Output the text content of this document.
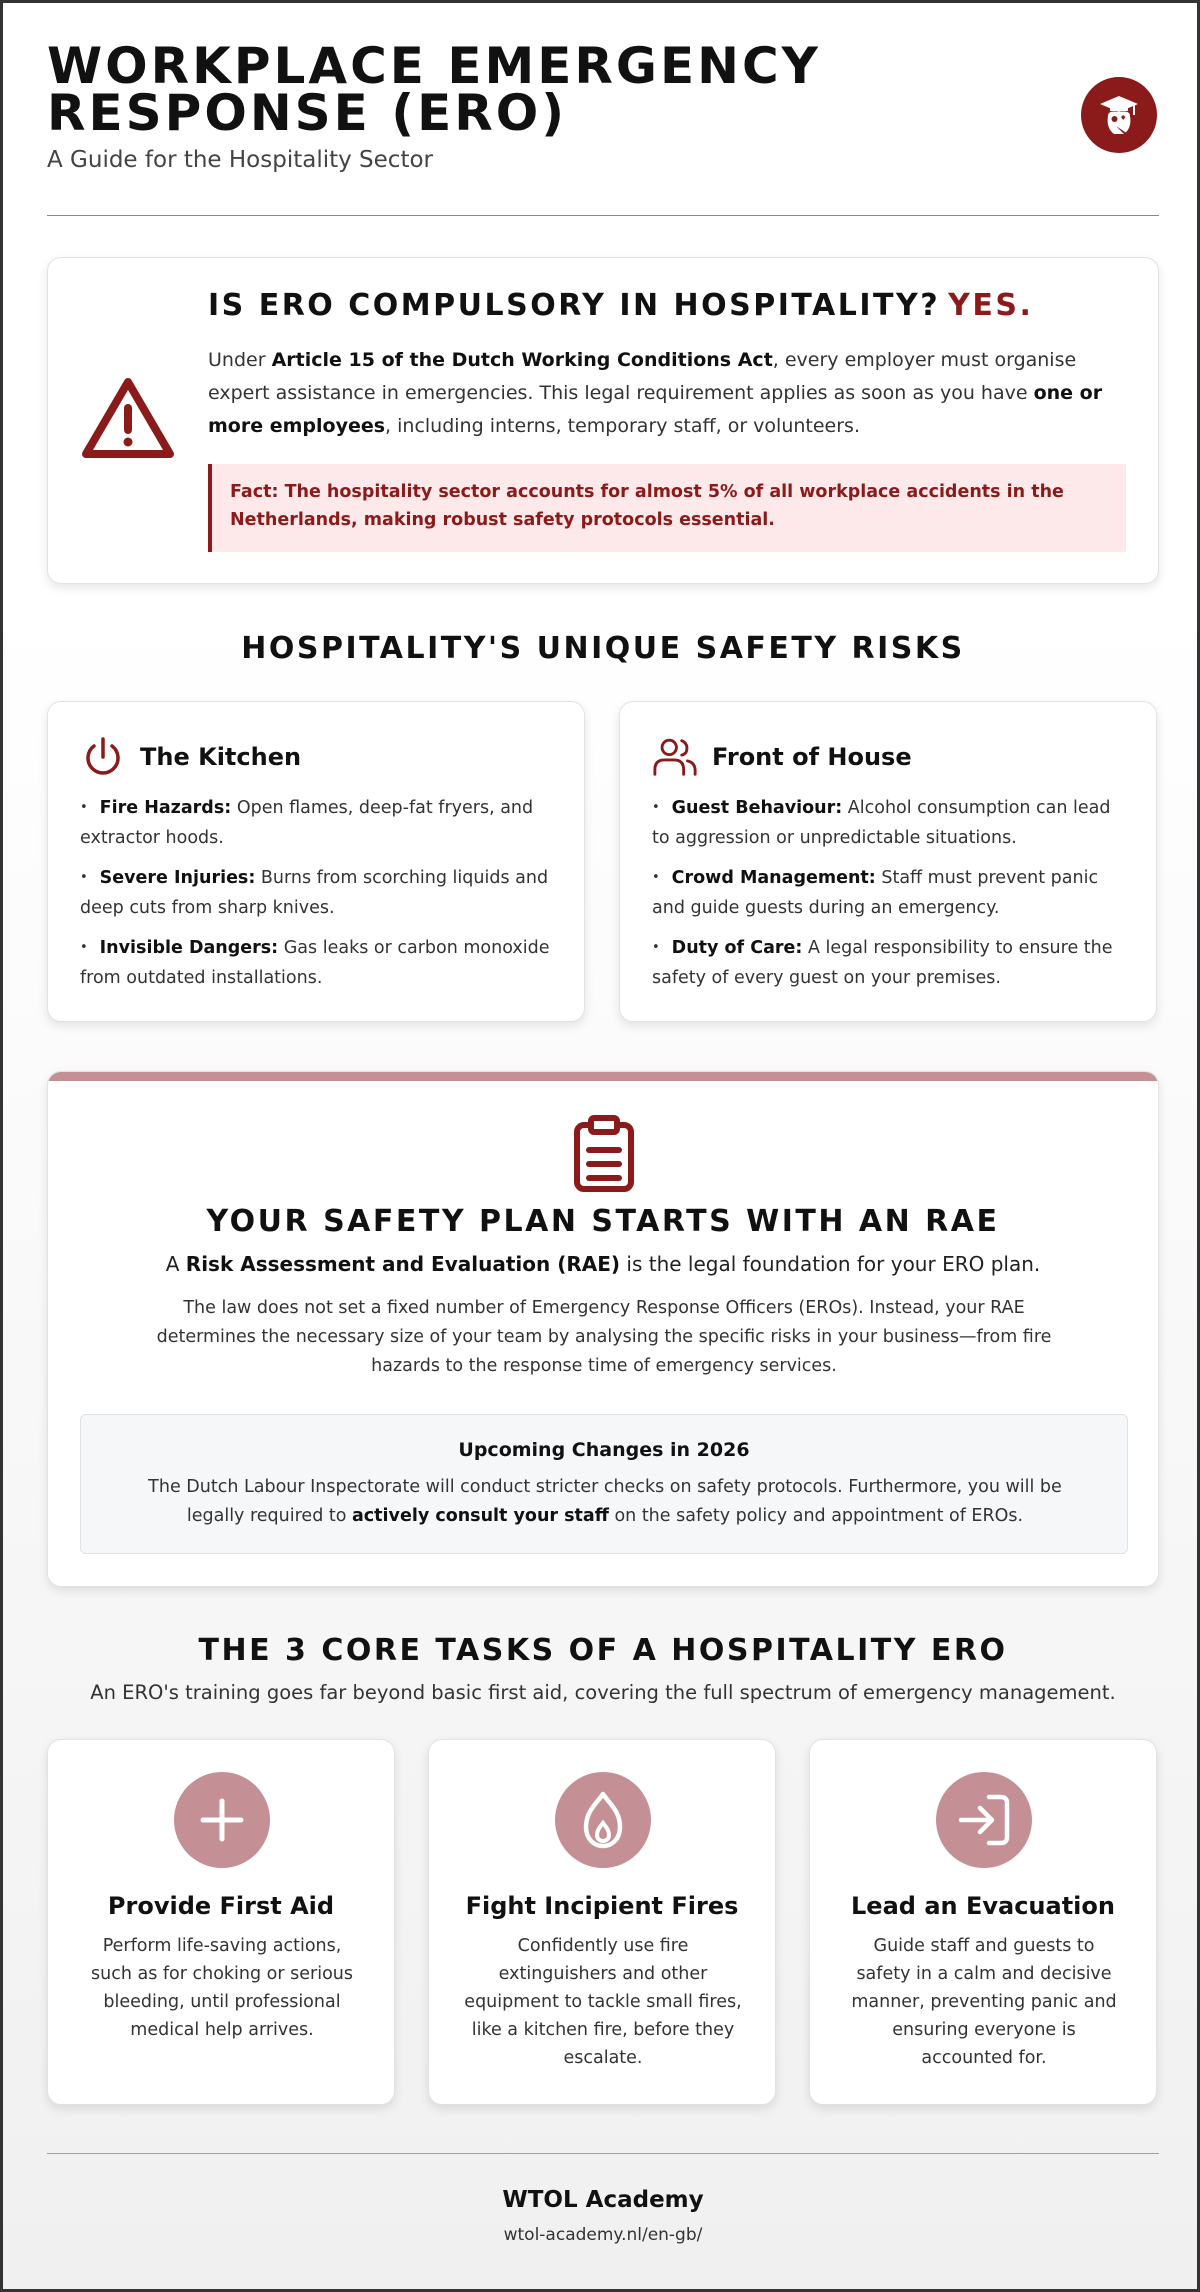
WORKPLACE EMERGENCY RESPONSE (ERO)
A Guide for the Hospitality Sector
IS ERO COMPULSORY IN HOSPITALITY? YES.

Under Article 15 of the Dutch Working Conditions Act, every employer must organise expert assistance in emergencies. This legal requirement applies as soon as you have one or more employees, including interns, temporary staff, or volunteers.

Fact: The hospitality sector accounts for almost 5% of all workplace accidents in the Netherlands, making robust safety protocols essential.
HOSPITALITY'S UNIQUE SAFETY RISKS
The Kitchen
• Fire Hazards: Open flames, deep-fat fryers, and extractor hoods.
• Severe Injuries: Burns from scorching liquids and deep cuts from sharp knives.
• Invisible Dangers: Gas leaks or carbon monoxide from outdated installations.
Front of House
• Guest Behaviour: Alcohol consumption can lead to aggression or unpredictable situations.
• Crowd Management: Staff must prevent panic and guide guests during an emergency.
• Duty of Care: A legal responsibility to ensure the safety of every guest on your premises.
YOUR SAFETY PLAN STARTS WITH AN RAE

A Risk Assessment and Evaluation (RAE) is the legal foundation for your ERO plan.

The law does not set a fixed number of Emergency Response Officers (EROs). Instead, your RAE determines the necessary size of your team by analysing the specific risks in your business—from fire hazards to the response time of emergency services.

Upcoming Changes in 2026

The Dutch Labour Inspectorate will conduct stricter checks on safety protocols. Furthermore, you will be legally required to actively consult your staff on the safety policy and appointment of EROs.

THE 3 CORE TASKS OF A HOSPITALITY ERO

An ERO's training goes far beyond basic first aid, covering the full spectrum of emergency management.

Provide First Aid

Perform life-saving actions, such as for choking or serious bleeding, until professional medical help arrives.

Fight Incipient Fires

Confidently use fire extinguishers and other equipment to tackle small fires, like a kitchen fire, before they escalate.

Lead an Evacuation

Guide staff and guests to safety in a calm and decisive manner, preventing panic and ensuring everyone is accounted for.

WTOL Academy
wtol-academy.nl/en-gb/
